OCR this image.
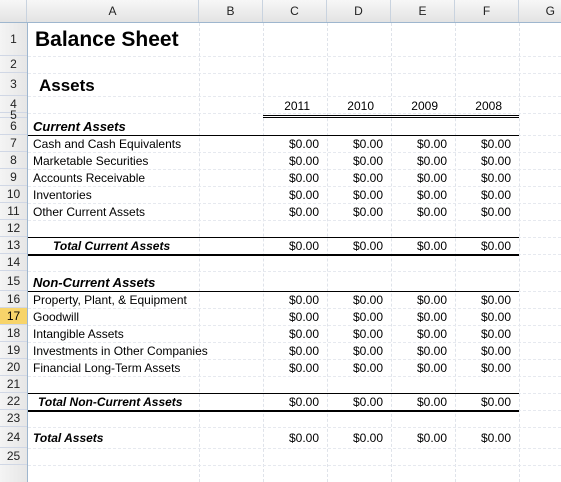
A	B	C	D	E	F	G
1
2
3
4
5
6
7
8
9
10
11
12
13
14
15
16
17
18
19
20
21
22
23
24
25
Balance Sheet
Assets
2011	2010	2009	2008
Current Assets
Cash and Cash Equivalents	$0.00	$0.00	$0.00	$0.00
Marketable Securities	$0.00	$0.00	$0.00	$0.00
Accounts Receivable	$0.00	$0.00	$0.00	$0.00
Inventories	$0.00	$0.00	$0.00	$0.00
Other Current Assets	$0.00	$0.00	$0.00	$0.00
Total Current Assets	$0.00	$0.00	$0.00	$0.00
Non-Current Assets
Property, Plant, & Equipment	$0.00	$0.00	$0.00	$0.00
Goodwill	$0.00	$0.00	$0.00	$0.00
Intangible Assets	$0.00	$0.00	$0.00	$0.00
Investments in Other Companies	$0.00	$0.00	$0.00	$0.00
Financial Long-Term Assets	$0.00	$0.00	$0.00	$0.00
Total Non-Current Assets	$0.00	$0.00	$0.00	$0.00
Total Assets	$0.00	$0.00	$0.00	$0.00
